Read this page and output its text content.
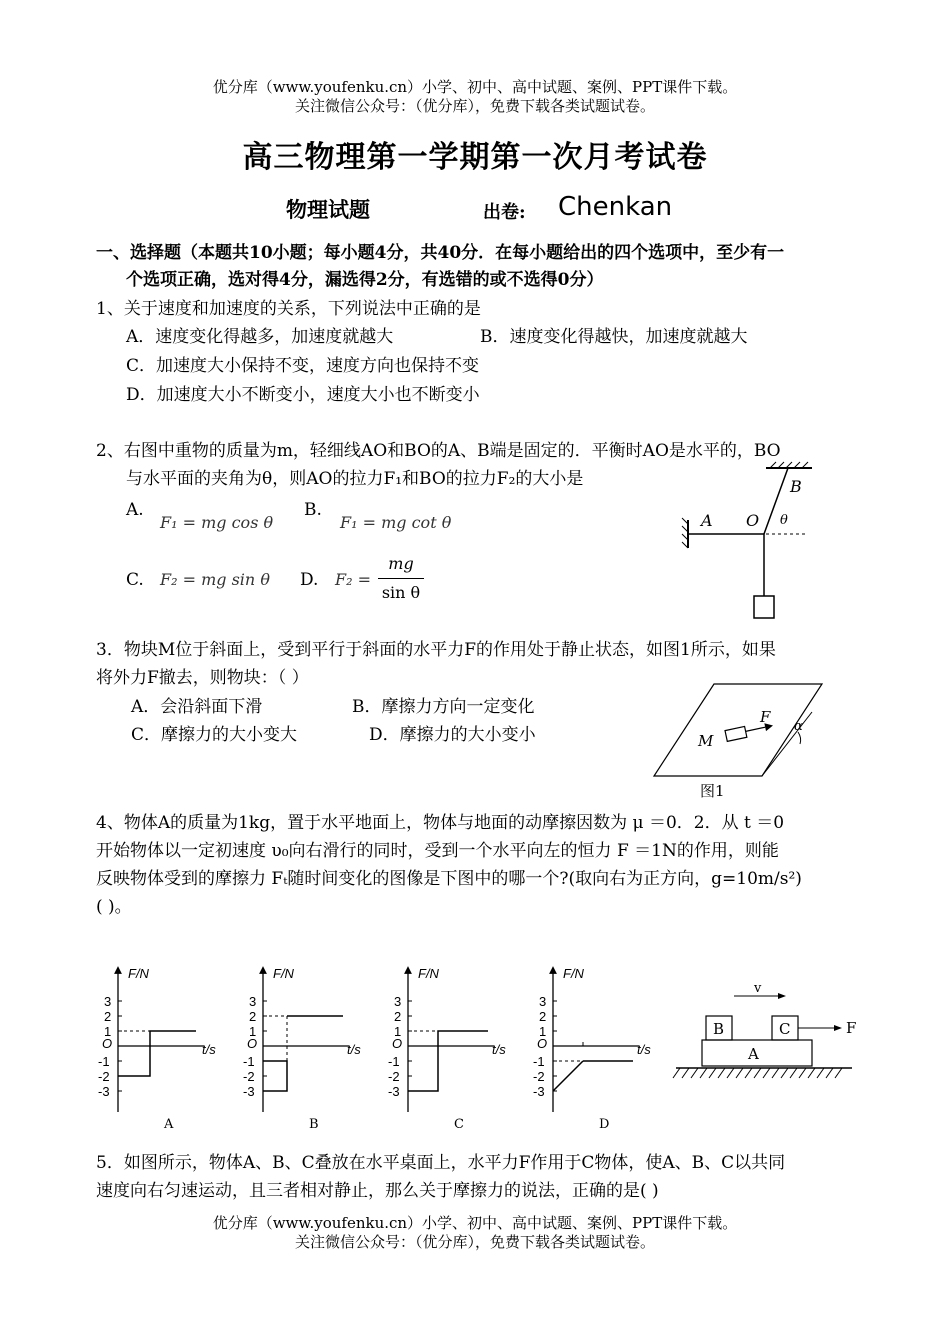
优分库（www.youfenku.cn）小学、初中、高中试题、案例、PPT课件下载。
关注微信公众号：（优分库），免费下载各类试题试卷。
高三物理第一学期第一次月考试卷
物理试题	出卷: Chenkan
一、选择题（本题共10小题；每小题4分，共40分．在每小题给出的四个选项中，至少有一
个选项正确，选对得4分，漏选得2分，有选错的或不选得0分）
1、关于速度和加速度的关系，下列说法中正确的是
A．速度变化得越多，加速度就越大	B．速度变化得越快，加速度就越大
C．加速度大小保持不变，速度方向也保持不变
D．加速度大小不断变小，速度大小也不断变小
2、右图中重物的质量为m，轻细线AO和BO的A、B端是固定的．平衡时AO是水平的，BO
与水平面的夹角为θ，则AO的拉力F₁和BO的拉力F₂的大小是
A.
F₁ = mg cos θ
B.
F₁ = mg cot θ
C. F₂ = mg sin θ D. F₂ =
mg
sin θ
A O
B
θ
3．物块M位于斜面上，受到平行于斜面的水平力F的作用处于静止状态，如图1所示，如果
将外力F撤去，则物块：（ ）
A．会沿斜面下滑	B．摩擦力方向一定变化
C．摩擦力的大小变大	D．摩擦力的大小变小	M
F
α
图1
4、物体A的质量为1kg，置于水平地面上，物体与地面的动摩擦因数为 μ ＝0．2．从 t ＝0
开始物体以一定初速度 υ₀向右滑行的同时，受到一个水平向左的恒力 F ＝1N的作用，则能
反映物体受到的摩擦力 Fₜ随时间变化的图像是下图中的哪一个?(取向右为正方向，g=10m/s²)
( )。
F/N
t/s
O
3
2
1
-1
-2
-3
A
F/N
t/s
O
3
2
1
-1
-2
-3
B
F/N
t/s
O
3
2
1
-1
-2
-3
C
F/N
t/s
O
3
2
1
-1
-2
-3
D
v
B	C
A
F
5．如图所示，物体A、B、C叠放在水平桌面上，水平力F作用于C物体，使A、B、C以共同
速度向右匀速运动，且三者相对静止，那么关于摩擦力的说法，正确的是( )
优分库（www.youfenku.cn）小学、初中、高中试题、案例、PPT课件下载。
关注微信公众号：（优分库），免费下载各类试题试卷。
